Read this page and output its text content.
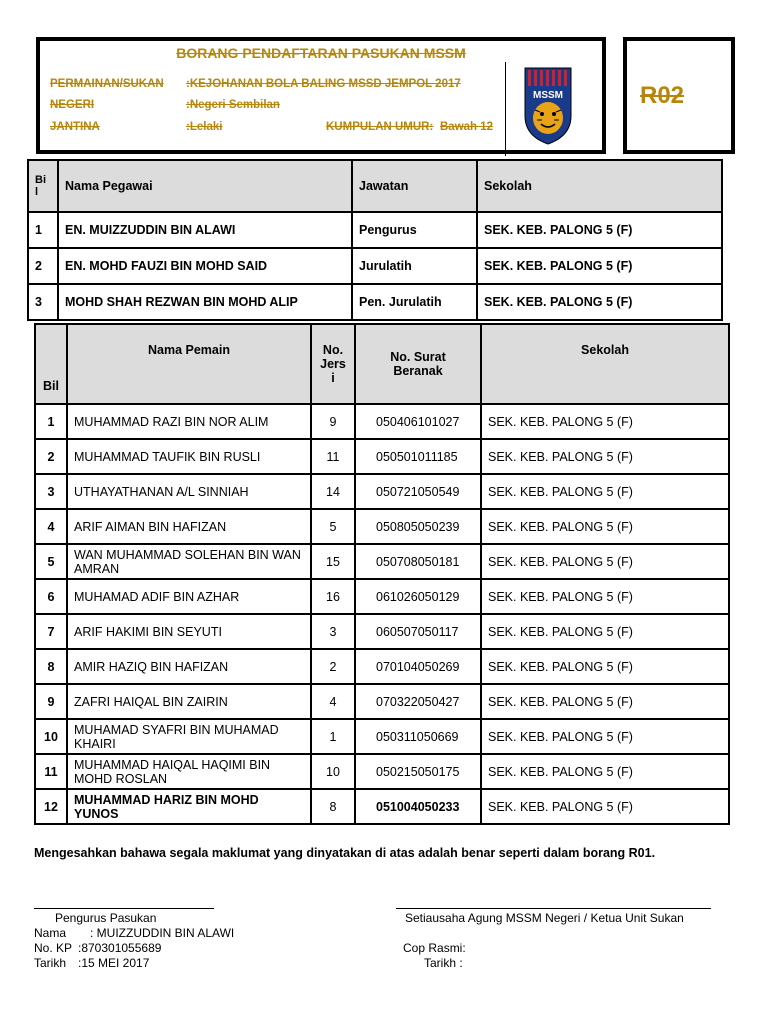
BORANG PENDAFTARAN PASUKAN MSSM
PERMAINAN/SUKAN :KEJOHANAN BOLA BALING MSSD JEMPOL 2017
NEGERI	:Negeri Sembilan
JANTINA	:Lelaki	KUMPULAN UMUR: Bawah 12
MSSM	R02
Bi l	Nama Pegawai	Jawatan	Sekolah
1	EN. MUIZZUDDIN BIN ALAWI	Pengurus	SEK. KEB. PALONG 5 (F)
2	EN. MOHD FAUZI BIN MOHD SAID	Jurulatih	SEK. KEB. PALONG 5 (F)
3	MOHD SHAH REZWAN BIN MOHD ALIP	Pen. Jurulatih	SEK. KEB. PALONG 5 (F)
Bil	Nama Pemain	No. Jers i	No. Surat Beranak	Sekolah
1	MUHAMMAD RAZI BIN NOR ALIM	9	050406101027	SEK. KEB. PALONG 5 (F)
2	MUHAMMAD TAUFIK BIN RUSLI	11	050501011185	SEK. KEB. PALONG 5 (F)
3	UTHAYATHANAN A/L SINNIAH	14	050721050549	SEK. KEB. PALONG 5 (F)
4	ARIF AIMAN BIN HAFIZAN	5	050805050239	SEK. KEB. PALONG 5 (F)
5	WAN MUHAMMAD SOLEHAN BIN WAN AMRAN	15	050708050181	SEK. KEB. PALONG 5 (F)
6	MUHAMAD ADIF BIN AZHAR	16	061026050129	SEK. KEB. PALONG 5 (F)
7	ARIF HAKIMI BIN SEYUTI	3	060507050117	SEK. KEB. PALONG 5 (F)
8	AMIR HAZIQ BIN HAFIZAN	2	070104050269	SEK. KEB. PALONG 5 (F)
9	ZAFRI HAIQAL BIN ZAIRIN	4	070322050427	SEK. KEB. PALONG 5 (F)
10	MUHAMAD SYAFRI BIN MUHAMAD KHAIRI	1	050311050669	SEK. KEB. PALONG 5 (F)
11	MUHAMMAD HAIQAL HAQIMI BIN MOHD ROSLAN	10	050215050175	SEK. KEB. PALONG 5 (F)
12	MUHAMMAD HARIZ BIN MOHD YUNOS	8	051004050233	SEK. KEB. PALONG 5 (F)
Mengesahkan bahawa segala maklumat yang dinyatakan di atas adalah benar seperti dalam borang R01.
Pengurus Pasukan
Nama : MUIZZUDDIN BIN ALAWI
No. KP :870301055689
Tarikh :15 MEI 2017
Setiausaha Agung MSSM Negeri / Ketua Unit Sukan
Cop Rasmi:
Tarikh :
